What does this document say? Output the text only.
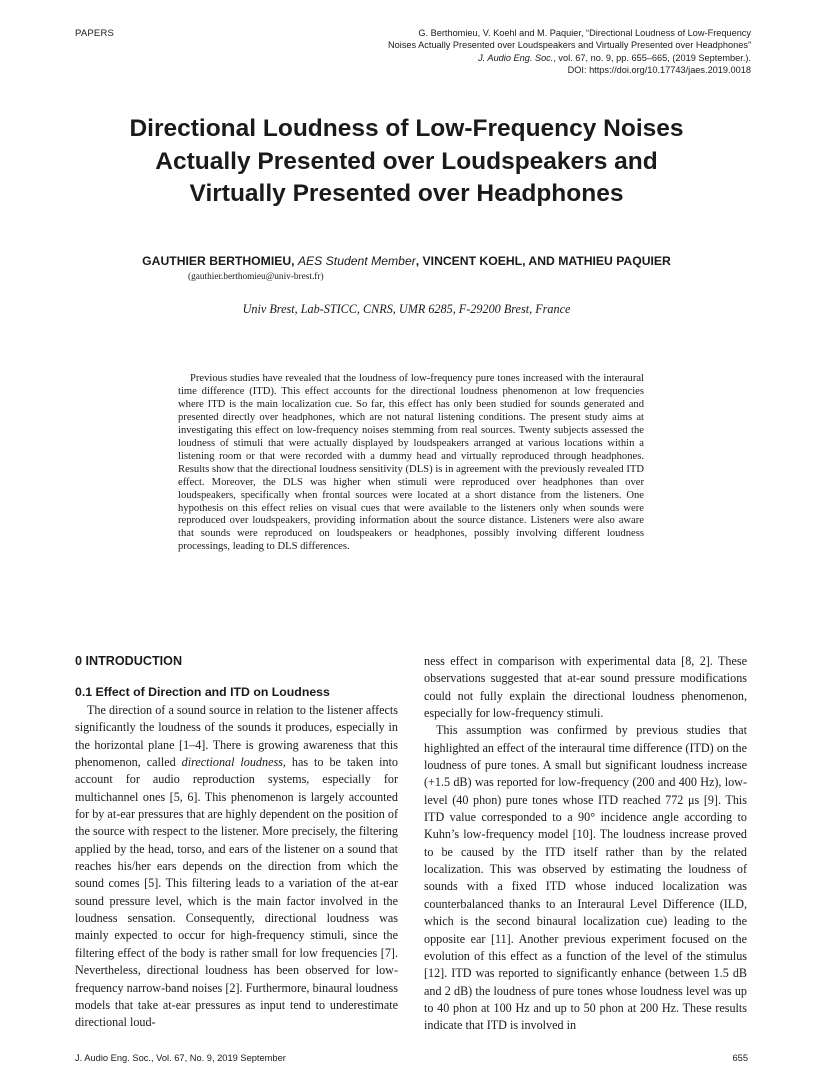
PAPERS	G. Berthomieu, V. Koehl and M. Paquier, “Directional Loudness of Low-Frequency
Noises Actually Presented over Loudspeakers and Virtually Presented over Headphones”
J. Audio Eng. Soc., vol. 67, no. 9, pp. 655–665, (2019 September.).
DOI: https://doi.org/10.17743/jaes.2019.0018
Directional Loudness of Low-Frequency Noises
Actually Presented over Loudspeakers and
Virtually Presented over Headphones
GAUTHIER BERTHOMIEU, AES Student Member, VINCENT KOEHL, AND MATHIEU PAQUIER
(gauthier.berthomieu@univ-brest.fr)
Univ Brest, Lab-STICC, CNRS, UMR 6285, F-29200 Brest, France

Previous studies have revealed that the loudness of low-frequency pure tones increased with the interaural time difference (ITD). This effect accounts for the directional loudness phenomenon at low frequencies where ITD is the main localization cue. So far, this effect has only been studied for sounds generated and presented directly over headphones, which are not natural listening conditions. The present study aims at investigating this effect on low-frequency noises stemming from real sources. Twenty subjects assessed the loudness of stimuli that were actually displayed by loudspeakers arranged at various locations within a listening room or that were recorded with a dummy head and virtually reproduced through headphones. Results show that the directional loudness sensitivity (DLS) is in agreement with the previously revealed ITD effect. Moreover, the DLS was higher when stimuli were reproduced over headphones than over loudspeakers, specifically when frontal sources were located at a short distance from the listeners. One hypothesis on this effect relies on visual cues that were available to the listeners only when sounds were reproduced over loudspeakers, providing information about the source distance. Listeners were also aware that sounds were reproduced on loudspeakers or headphones, possibly involving different loudness processings, leading to DLS differences.

0 INTRODUCTION
0.1 Effect of Direction and ITD on Loudness

The direction of a sound source in relation to the listener affects significantly the loudness of the sounds it produces, especially in the horizontal plane [1–4]. There is growing awareness that this phenomenon, called directional loudness, has to be taken into account for audio reproduction systems, especially for multichannel ones [5, 6]. This phenomenon is largely accounted for by at-ear pressures that are highly dependent on the position of the source with respect to the listener. More precisely, the filtering applied by the head, torso, and ears of the listener on a sound that reaches his/her ears depends on the direction from which the sound comes [5]. This filtering leads to a variation of the at-ear sound pressure level, which is the main factor involved in the loudness sensation. Consequently, directional loudness was mainly expected to occur for high-frequency stimuli, since the filtering effect of the body is rather small for low frequencies [7]. Nevertheless, directional loudness has been observed for low-frequency narrow-band noises [2]. Furthermore, binaural loudness models that take at-ear pressures as input tend to underestimate directional loud-

ness effect in comparison with experimental data [8, 2]. These observations suggested that at-ear sound pressure modifications could not fully explain the directional loudness phenomenon, especially for low-frequency stimuli.

This assumption was confirmed by previous studies that highlighted an effect of the interaural time difference (ITD) on the loudness of pure tones. A small but significant loudness increase (+1.5 dB) was reported for low-frequency (200 and 400 Hz), low-level (40 phon) pure tones whose ITD reached 772 μs [9]. This ITD value corresponded to a 90° incidence angle according to Kuhn’s low-frequency model [10]. The loudness increase proved to be caused by the ITD itself rather than by the related localization. This was observed by estimating the loudness of sounds with a fixed ITD whose induced localization was counterbalanced thanks to an Interaural Level Difference (ILD, which is the second binaural localization cue) leading to the opposite ear [11]. Another previous experiment focused on the evolution of this effect as a function of the level of the stimulus [12]. ITD was reported to significantly enhance (between 1.5 dB and 2 dB) the loudness of pure tones whose loudness level was up to 40 phon at 100 Hz and up to 50 phon at 200 Hz. These results indicate that ITD is involved in

J. Audio Eng. Soc., Vol. 67, No. 9, 2019 September	655
